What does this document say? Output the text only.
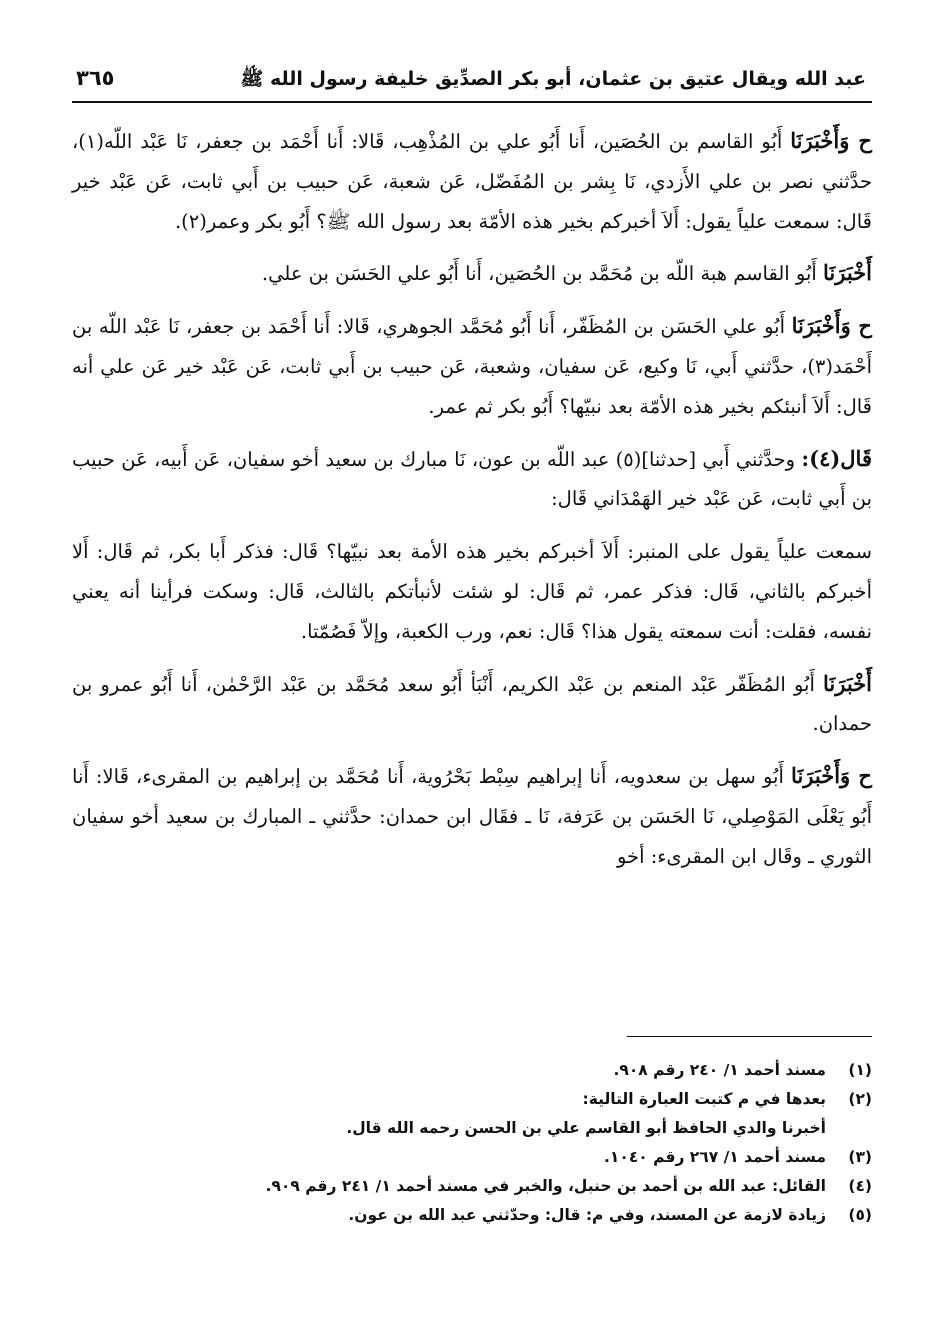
عبد الله ويقال عتيق بن عثمان، أبو بكر الصدِّيق خليفة رسول الله ﷺ
٣٦٥

ح وَأَخْبَرَنَا أَبُو القاسم بن الحُصَين، أَنا أَبُو علي بن المُذْهِب، قَالا: أَنا أَحْمَد بن جعفر، نَا عَبْد اللّه(١)، حدَّثني نصر بن علي الأَزدي، نَا بِشر بن المُفَضّل، عَن شعبة، عَن حبيب بن أَبي ثابت، عَن عَبْد خير قَال: سمعت علياً يقول: أَلاَ أخبركم بخير هذه الأمّة بعد رسول الله ﷺ؟ أَبُو بكر وعمر(٢).

أَخْبَرَنَا أَبُو القاسم هبة اللّه بن مُحَمَّد بن الحُصَين، أَنا أَبُو علي الحَسَن بن علي.

ح وَأَخْبَرَنَا أَبُو علي الحَسَن بن المُظَفّر، أَنا أَبُو مُحَمَّد الجوهري، قَالا: أَنا أَحْمَد بن جعفر، نَا عَبْد اللّه بن أَحْمَد(٣)، حدَّثني أَبي، نَا وكيع، عَن سفيان، وشعبة، عَن حبيب بن أَبي ثابت، عَن عَبْد خير عَن علي أنه قَال: أَلاَ أنبئكم بخير هذه الأمّة بعد نبيّها؟ أَبُو بكر ثم عمر.

قَال(٤): وحدَّثني أَبي [حدثنا](٥) عبد اللّه بن عون، نَا مبارك بن سعيد أخو سفيان، عَن أَبيه، عَن حبيب بن أَبي ثابت، عَن عَبْد خير الهَمْدَاني قَال:

سمعت علياً يقول على المنبر: أَلاَ أخبركم بخير هذه الأمة بعد نبيّها؟ قَال: فذكر أَبا بكر، ثم قَال: أَلا أخبركم بالثاني، قَال: فذكر عمر، ثم قَال: لو شئت لأنبأتكم بالثالث، قَال: وسكت فرأينا أنه يعني نفسه، فقلت: أنت سمعته يقول هذا؟ قَال: نعم، ورب الكعبة، وإلاّ فَصُمّتا.

أَخْبَرَنَا أَبُو المُظَفّر عَبْد المنعم بن عَبْد الكريم، أَنْبَأ أَبُو سعد مُحَمَّد بن عَبْد الرَّحْمٰن، أَنا أَبُو عمرو بن حمدان.

ح وَأَخْبَرَنَا أَبُو سهل بن سعدويه، أَنا إبراهيم سِبْط بَحْرُوية، أَنا مُحَمَّد بن إبراهيم بن المقرىء، قَالا: أَنا أَبُو يَعْلَى المَوْصِلي، نَا الحَسَن بن عَرَفة، نَا ـ فقَال ابن حمدان: حدَّثني ـ المبارك بن سعيد أخو سفيان الثوري ـ وقَال ابن المقرىء: أخو

(١)
مسند أحمد ١/ ٢٤٠ رقم ٩٠٨.
(٢)
بعدها في م كتبت العبارة التالية:
أخبرنا والدي الحافظ أبو القاسم علي بن الحسن رحمه الله قال.
(٣)
مسند أحمد ١/ ٢٦٧ رقم ١٠٤٠.
(٤)
القائل: عبد الله بن أحمد بن حنبل، والخبر في مسند أحمد ١/ ٢٤١ رقم ٩٠٩.
(٥)
زيادة لازمة عن المسند، وفي م: قال: وحدّثني عبد الله بن عون.
